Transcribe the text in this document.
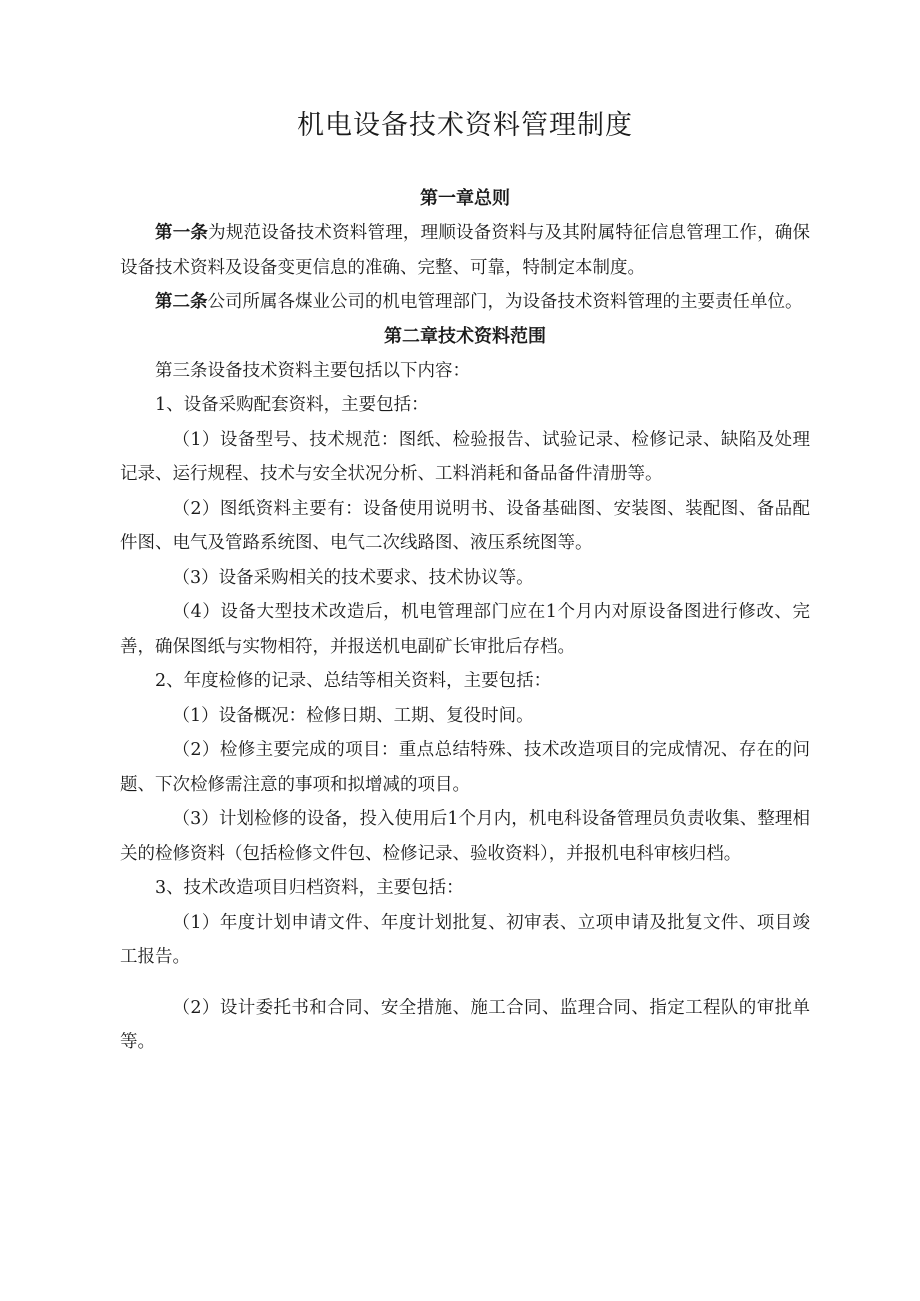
机电设备技术资料管理制度
第一章总则

第一条为规范设备技术资料管理，理顺设备资料与及其附属特征信息管理工作，确保设备技术资料及设备变更信息的准确、完整、可靠，特制定本制度。

第二条公司所属各煤业公司的机电管理部门，为设备技术资料管理的主要责任单位。

第二章技术资料范围

第三条设备技术资料主要包括以下内容：

1、设备采购配套资料，主要包括：

（1）设备型号、技术规范：图纸、检验报告、试验记录、检修记录、缺陷及处理记录、运行规程、技术与安全状况分析、工料消耗和备品备件清册等。

（2）图纸资料主要有：设备使用说明书、设备基础图、安装图、装配图、备品配件图、电气及管路系统图、电气二次线路图、液压系统图等。

（3）设备采购相关的技术要求、技术协议等。

（4）设备大型技术改造后，机电管理部门应在1个月内对原设备图进行修改、完善，确保图纸与实物相符，并报送机电副矿长审批后存档。

2、年度检修的记录、总结等相关资料，主要包括：

（1）设备概况：检修日期、工期、复役时间。

（2）检修主要完成的项目：重点总结特殊、技术改造项目的完成情况、存在的问题、下次检修需注意的事项和拟增减的项目。

（3）计划检修的设备，投入使用后1个月内，机电科设备管理员负责收集、整理相关的检修资料（包括检修文件包、检修记录、验收资料），并报机电科审核归档。

3、技术改造项目归档资料，主要包括：

（1）年度计划申请文件、年度计划批复、初审表、立项申请及批复文件、项目竣工报告。

（2）设计委托书和合同、安全措施、施工合同、监理合同、指定工程队的审批单等。
